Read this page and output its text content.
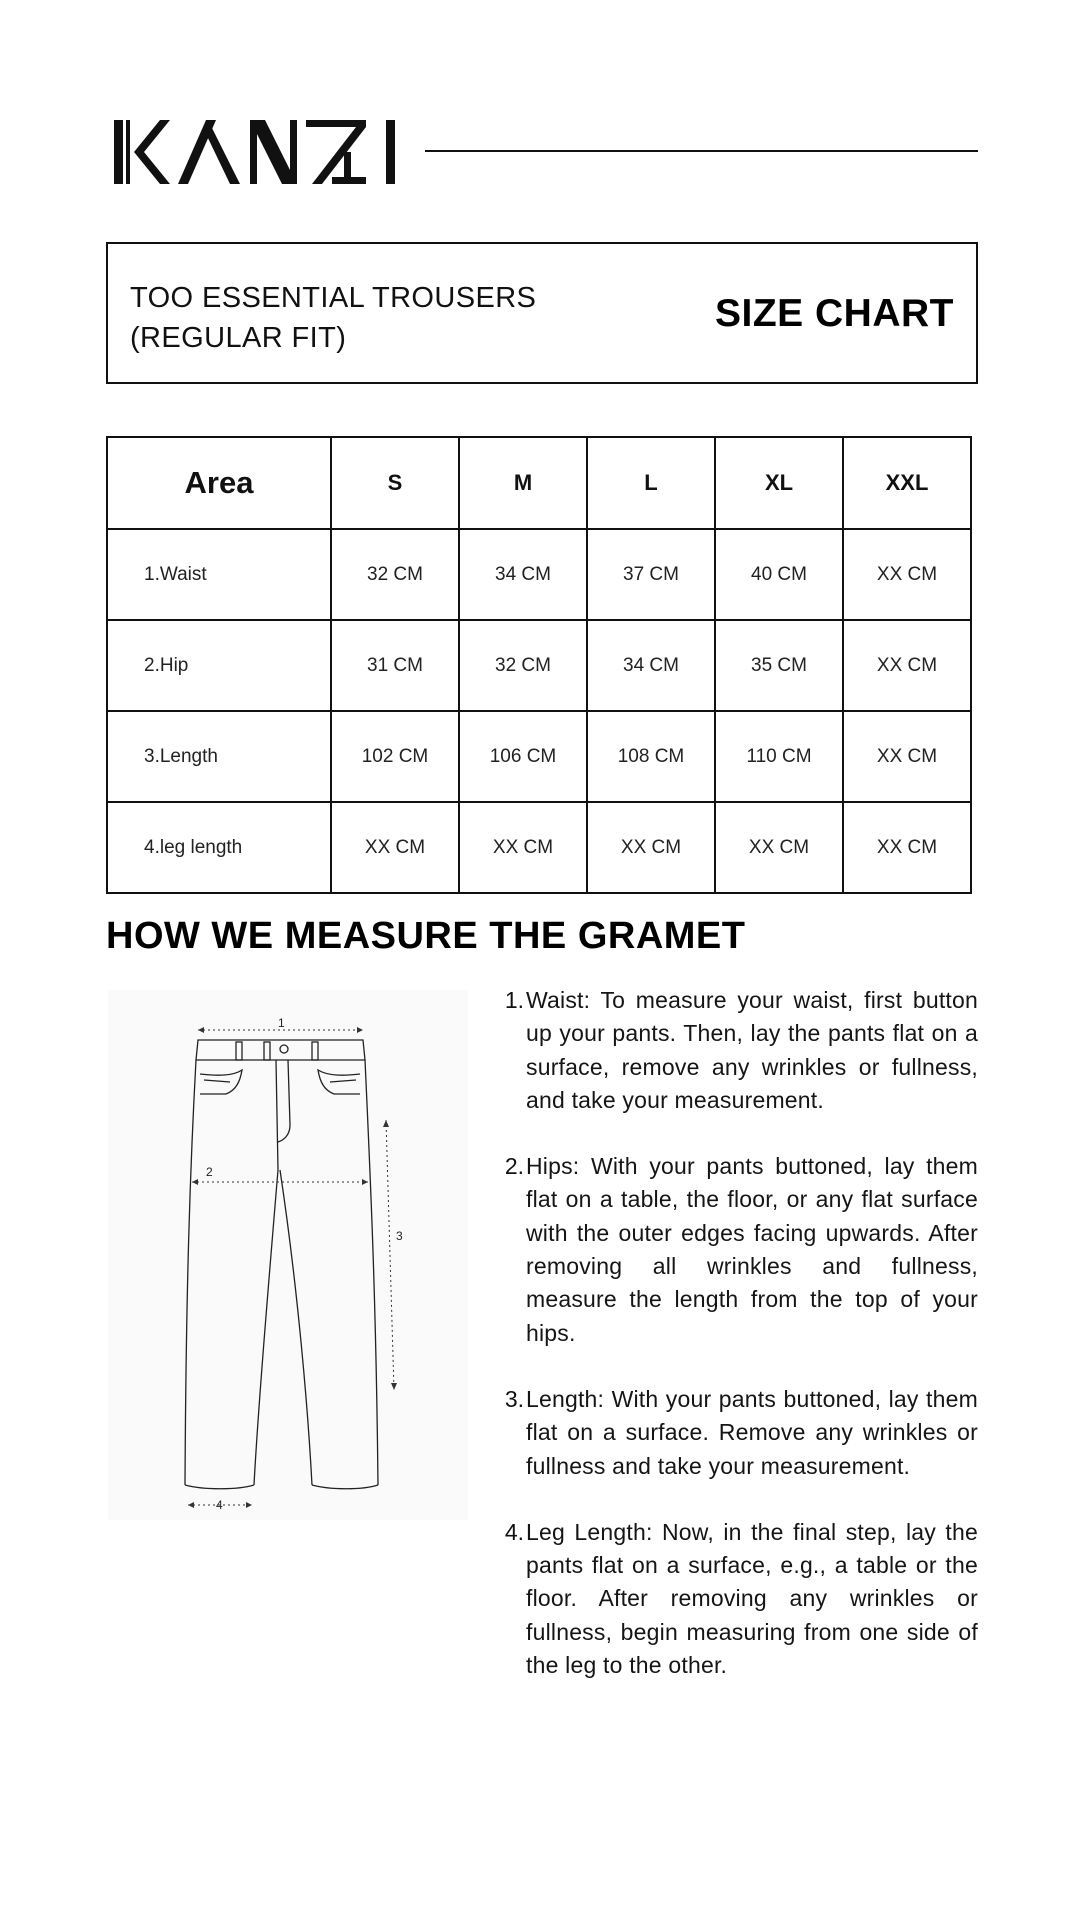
TOO ESSENTIAL TROUSERS
(REGULAR FIT)
SIZE CHART
Area	S	M	L	XL	XXL
1.Waist	32 CM	34 CM	37 CM	40 CM	XX CM
2.Hip	31 CM	32 CM	34 CM	35 CM	XX CM
3.Length	102 CM	106 CM	108 CM	110 CM	XX CM
4.leg length	XX CM	XX CM	XX CM	XX CM	XX CM
HOW WE MEASURE THE GRAMET
1
2
3
4
1. Waist: To measure your waist, first button up your pants. Then, lay the pants flat on a surface, remove any wrinkles or fullness, and take your measurement.
2. Hips: With your pants buttoned, lay them flat on a table, the floor, or any flat surface with the outer edges facing upwards. After removing all wrinkles and fullness, measure the length from the top of your hips.
3. Length: With your pants buttoned, lay them flat on a surface. Remove any wrinkles or fullness and take your measurement.
4. Leg Length: Now, in the final step, lay the pants flat on a surface, e.g., a table or the floor. After removing any wrinkles or fullness, begin measuring from one side of the leg to the other.
